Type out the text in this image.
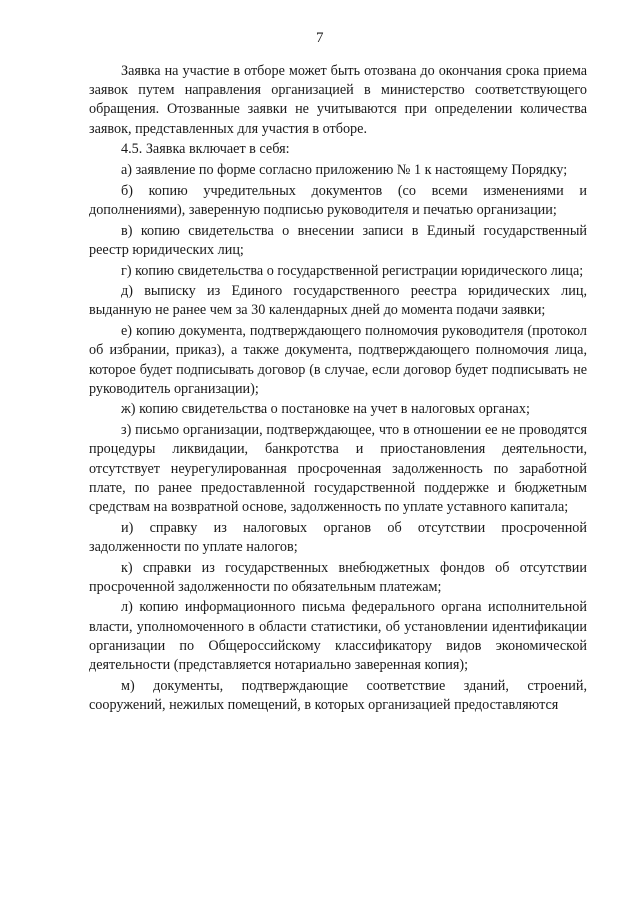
7

Заявка на участие в отборе может быть отозвана до окончания срока приема заявок путем направления организацией в министерство соответствующего обращения. Отозванные заявки не учитываются при определении количества заявок, представленных для участия в отборе.

4.5. Заявка включает в себя:

а) заявление по форме согласно приложению № 1 к настоящему Порядку;

б) копию учредительных документов (со всеми изменениями и дополнениями), заверенную подписью руководителя и печатью организации;

в) копию свидетельства о внесении записи в Единый государственный реестр юридических лиц;

г) копию свидетельства о государственной регистрации юридического лица;

д) выписку из Единого государственного реестра юридических лиц, выданную не ранее чем за 30 календарных дней до момента подачи заявки;

е) копию документа, подтверждающего полномочия руководителя (протокол об избрании, приказ), а также документа, подтверждающего полномочия лица, которое будет подписывать договор (в случае, если договор будет подписывать не руководитель организации);

ж) копию свидетельства о постановке на учет в налоговых органах;

з) письмо организации, подтверждающее, что в отношении ее не проводятся процедуры ликвидации, банкротства и приостановления деятельности, отсутствует неурегулированная просроченная задолженность по заработной плате, по ранее предоставленной государственной поддержке и бюджетным средствам на возвратной основе, задолженность по уплате уставного капитала;

и) справку из налоговых органов об отсутствии просроченной задолженности по уплате налогов;

к) справки из государственных внебюджетных фондов об отсутствии просроченной задолженности по обязательным платежам;

л) копию информационного письма федерального органа исполнительной власти, уполномоченного в области статистики, об установлении идентификации организации по Общероссийскому классификатору видов экономической деятельности (представляется нотариально заверенная копия);

м) документы, подтверждающие соответствие зданий, строений, сооружений, нежилых помещений, в которых организацией предоставляются
